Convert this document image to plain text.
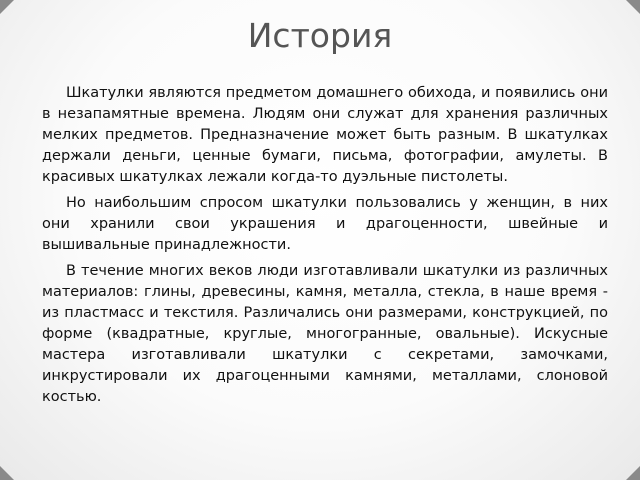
История

Шкатулки являются предметом домашнего обихода, и появились они в незапамятные времена. Людям они служат для хранения различных мелких предметов. Предназначение может быть разным. В шкатулках держали деньги, ценные бумаги, письма, фотографии, амулеты. В красивых шкатулках лежали когда-то дуэльные пистолеты.

Но наибольшим спросом шкатулки пользовались у женщин, в них они хранили свои украшения и драгоценности, швейные и вышивальные принадлежности.

В течение многих веков люди изготавливали шкатулки из различных материалов: глины, древесины, камня, металла, стекла, в наше время - из пластмасс и текстиля. Различались они размерами, конструкцией, по форме (квадратные, круглые, многогранные, овальные). Искусные мастера изготавливали шкатулки с секретами, замочками, инкрустировали их драгоценными камнями, металлами, слоновой костью.
